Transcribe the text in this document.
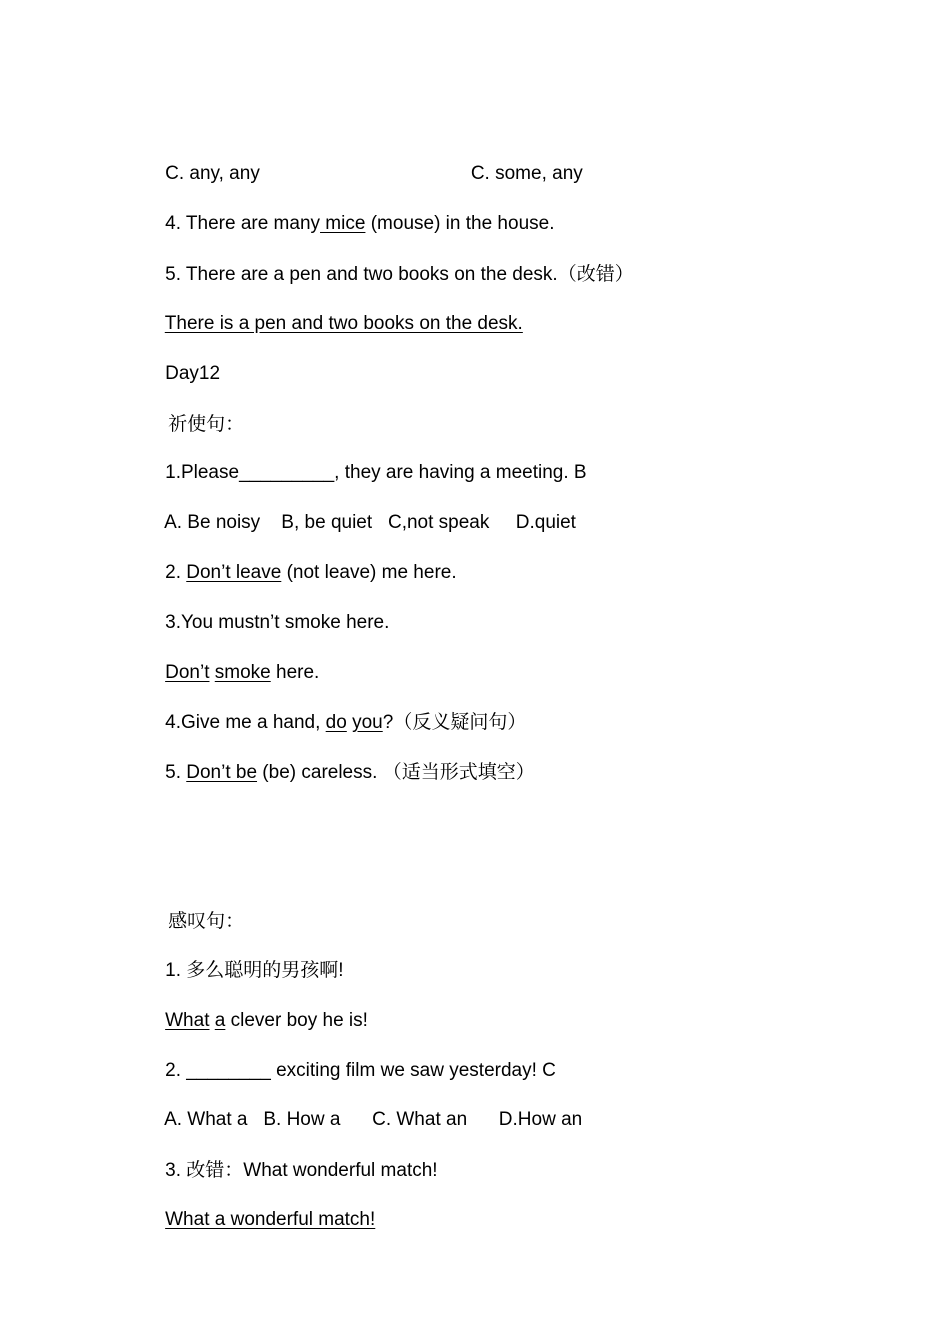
C. any, any	C. some, any

4. There are many mice (mouse) in the house.

5. There are a pen and two books on the desk.（改错）

There is a pen and two books on the desk.

Day12

祈使句：

1.Please_________, they are having a meeting. B

A. Be noisy    B, be quiet   C,not speak     D.quiet

2. Don’t leave (not leave) me here.

3.You mustn’t smoke here.

Don’t smoke here.

4.Give me a hand, do you?（反义疑问句）

5. Don’t be (be) careless. （适当形式填空）

感叹句：

1. 多么聪明的男孩啊!

What a clever boy he is!

2. ________ exciting film we saw yesterday! C

A. What a   B. How a      C. What an      D.How an

3. 改错：What wonderful match!

What a wonderful match!
